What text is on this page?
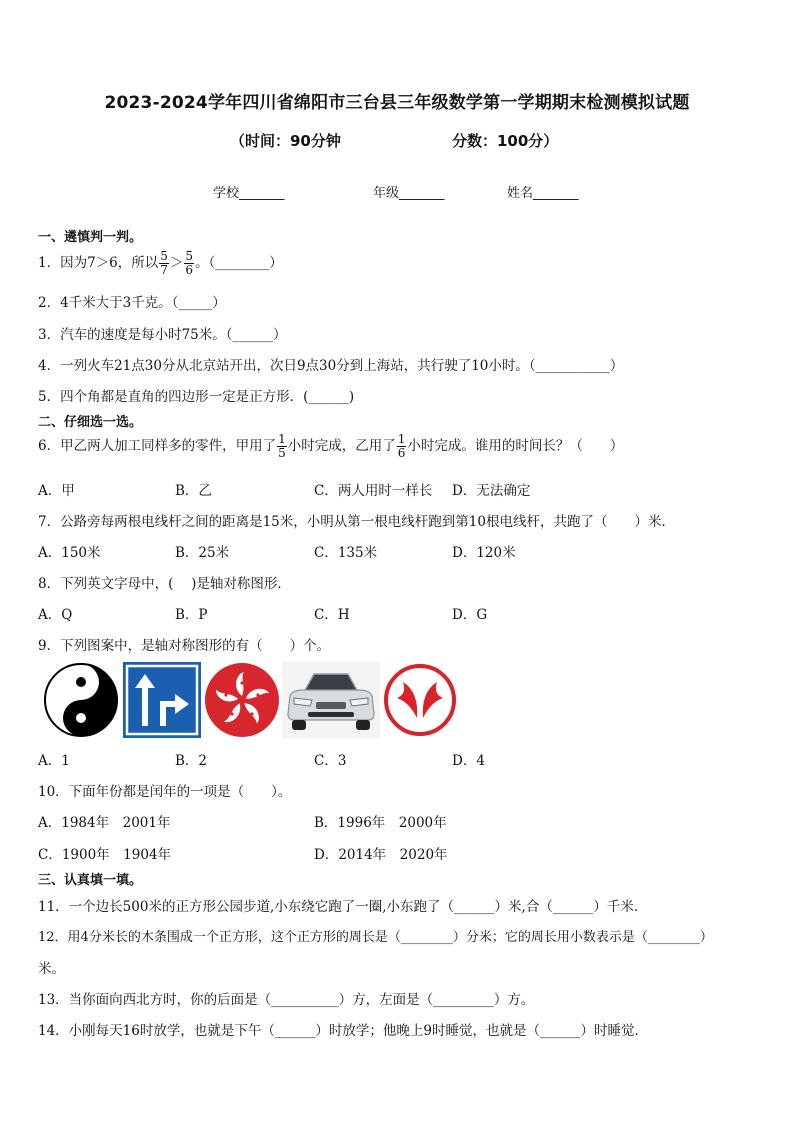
2023-2024学年四川省绵阳市三台县三年级数学第一学期期末检测模拟试题
（时间：90分钟	分数：100分）
学校_______	年级_______	姓名_______
一、遴慎判一判。
1．因为7＞6，所以 $\frac{5}{7} > \frac{5}{6}$ 。（________）
2．4千米大于3千克。（_____）
3．汽车的速度是每小时75米。（______）
4．一列火车21点30分从北京站开出，次日9点30分到上海站，共行驶了10小时。（___________）
5．四个角都是直角的四边形一定是正方形．(______)
二、仔细选一选。
6．甲乙两人加工同样多的零件，甲用了 $\frac{1}{5}$ 小时完成，乙用了 $\frac{1}{6}$ 小时完成。谁用的时间长？（　　）
A．甲	B．乙	C．两人用时一样长 D．无法确定
7．公路旁每两根电线杆之间的距离是15米，小明从第一根电线杆跑到第10根电线杆，共跑了（　　）米．
A．150米	B．25米	C．135米	D．120米
8．下列英文字母中，(　 )是轴对称图形．
A．Q	B．P	C．H	D．G
9．下列图案中，是轴对称图形的有（　　）个。
A．1	B．2	C．3	D．4
10．下面年份都是闰年的一项是（　　）。
A．1984年　2001年	B．1996年　2000年
C．1900年　1904年	D．2014年　2020年
三、认真填一填。
11．一个边长500米的正方形公园步道,小东绕它跑了一圈,小东跑了（______）米,合（______）千米.
12．用4分米长的木条围成一个正方形，这个正方形的周长是（________）分米；它的周长用小数表示是（________）
米。
13．当你面向西北方时，你的后面是（__________）方，左面是（_________）方。
14．小刚每天16时放学，也就是下午（______）时放学；他晚上9时睡觉，也就是（______）时睡觉．
